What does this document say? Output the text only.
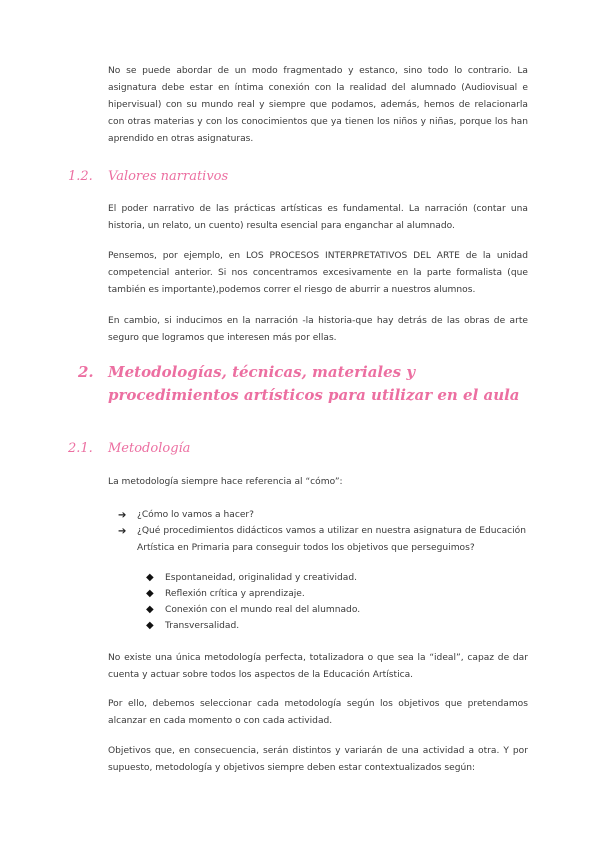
No se puede abordar de un modo fragmentado y estanco, sino todo lo contrario. La asignatura debe estar en íntima conexión con la realidad del alumnado (Audiovisual e hipervisual) con su mundo real y siempre que podamos, además, hemos de relacionarla con otras materias y con los conocimientos que ya tienen los niños y niñas, porque los han aprendido en otras asignaturas.

1.2. Valores narrativos

El poder narrativo de las prácticas artísticas es fundamental. La narración (contar una historia, un relato, un cuento) resulta esencial para enganchar al alumnado.

Pensemos, por ejemplo, en LOS PROCESOS INTERPRETATIVOS DEL ARTE de la unidad competencial anterior. Si nos concentramos excesivamente en la parte formalista (que también es importante),podemos correr el riesgo de aburrir a nuestros alumnos.

En cambio, si inducimos en la narración -la historia-que hay detrás de las obras de arte seguro que logramos que interesen más por ellas.

2. Metodologías, técnicas, materiales y procedimientos artísticos para utilizar en el aula
2.1. Metodología

La metodología siempre hace referencia al “cómo”:

➔ ¿Cómo lo vamos a hacer?
➔ ¿Qué procedimientos didácticos vamos a utilizar en nuestra asignatura de Educación Artística en Primaria para conseguir todos los objetivos que perseguimos?
◆ Espontaneidad, originalidad y creatividad.
◆ Reflexión crítica y aprendizaje.
◆ Conexión con el mundo real del alumnado.
◆ Transversalidad.

No existe una única metodología perfecta, totalizadora o que sea la “ideal”, capaz de dar cuenta y actuar sobre todos los aspectos de la Educación Artística.

Por ello, debemos seleccionar cada metodología según los objetivos que pretendamos alcanzar en cada momento o con cada actividad.

Objetivos que, en consecuencia, serán distintos y variarán de una actividad a otra. Y por supuesto, metodología y objetivos siempre deben estar contextualizados según:
